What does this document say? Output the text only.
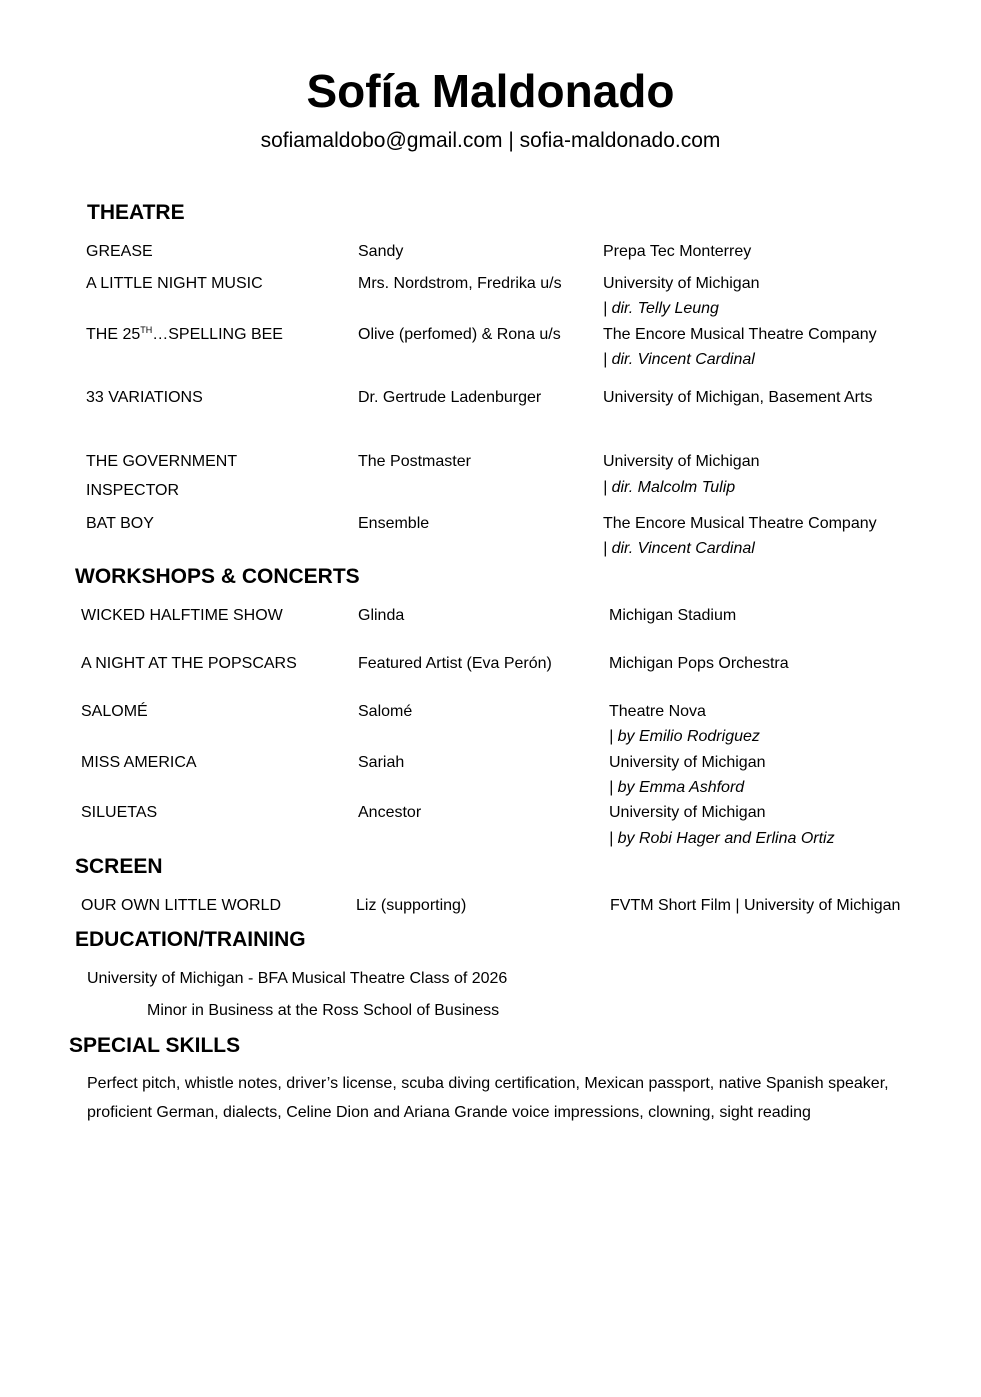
Sofía Maldonado
sofiamaldobo@gmail.com | sofia-maldonado.com
THEATRE
GREASE	Sandy	Prepa Tec Monterrey
A LITTLE NIGHT MUSIC	Mrs. Nordstrom, Fredrika u/s	University of Michigan
| dir. Telly Leung
THE 25TH…SPELLING BEE	Olive (perfomed) & Rona u/s	The Encore Musical Theatre Company
| dir. Vincent Cardinal
33 VARIATIONS	Dr. Gertrude Ladenburger	University of Michigan, Basement Arts
THE GOVERNMENT
INSPECTOR
The Postmaster	University of Michigan
| dir. Malcolm Tulip
BAT BOY	Ensemble	The Encore Musical Theatre Company
| dir. Vincent Cardinal
WORKSHOPS & CONCERTS
WICKED HALFTIME SHOW	Glinda	Michigan Stadium
A NIGHT AT THE POPSCARS	Featured Artist (Eva Perón)	Michigan Pops Orchestra
SALOMÉ	Salomé	Theatre Nova
| by Emilio Rodriguez
MISS AMERICA	Sariah	University of Michigan
| by Emma Ashford
SILUETAS	Ancestor	University of Michigan
| by Robi Hager and Erlina Ortiz
SCREEN
OUR OWN LITTLE WORLD	Liz (supporting)	FVTM Short Film | University of Michigan
EDUCATION/TRAINING
University of Michigan - BFA Musical Theatre Class of 2026
Minor in Business at the Ross School of Business
SPECIAL SKILLS
Perfect pitch, whistle notes, driver’s license, scuba diving certification, Mexican passport, native Spanish speaker,
proficient German, dialects, Celine Dion and Ariana Grande voice impressions, clowning, sight reading
